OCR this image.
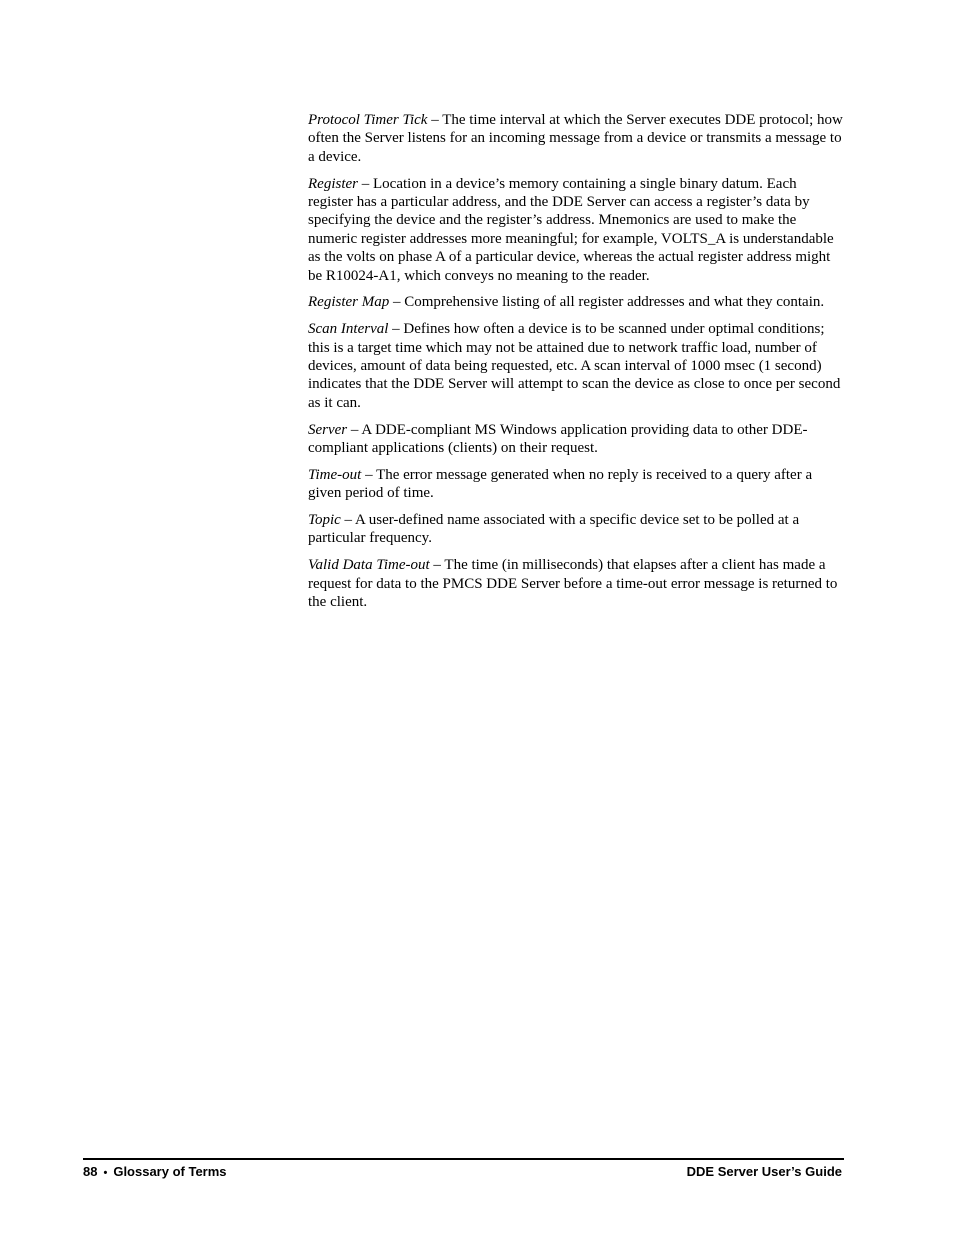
Protocol Timer Tick – The time interval at which the Server executes DDE protocol; how often the Server listens for an incoming message from a device or transmits a message to a device.

Register – Location in a device’s memory containing a single binary datum. Each register has a particular address, and the DDE Server can access a register’s data by specifying the device and the register’s address. Mnemonics are used to make the numeric register addresses more meaningful; for example, VOLTS_A is understandable as the volts on phase A of a particular device, whereas the actual register address might be R10024-A1, which conveys no meaning to the reader.

Register Map – Comprehensive listing of all register addresses and what they contain.

Scan Interval – Defines how often a device is to be scanned under optimal conditions; this is a target time which may not be attained due to network traffic load, number of devices, amount of data being requested, etc. A scan interval of 1000 msec (1 second) indicates that the DDE Server will attempt to scan the device as close to once per second as it can.

Server – A DDE-compliant MS Windows application providing data to other DDE-compliant applications (clients) on their request.

Time-out – The error message generated when no reply is received to a query after a given period of time.

Topic – A user-defined name associated with a specific device set to be polled at a particular frequency.

Valid Data Time-out – The time (in milliseconds) that elapses after a client has made a request for data to the PMCS DDE Server before a time-out error message is returned to the client.

88 • Glossary of Terms	DDE Server User’s Guide
